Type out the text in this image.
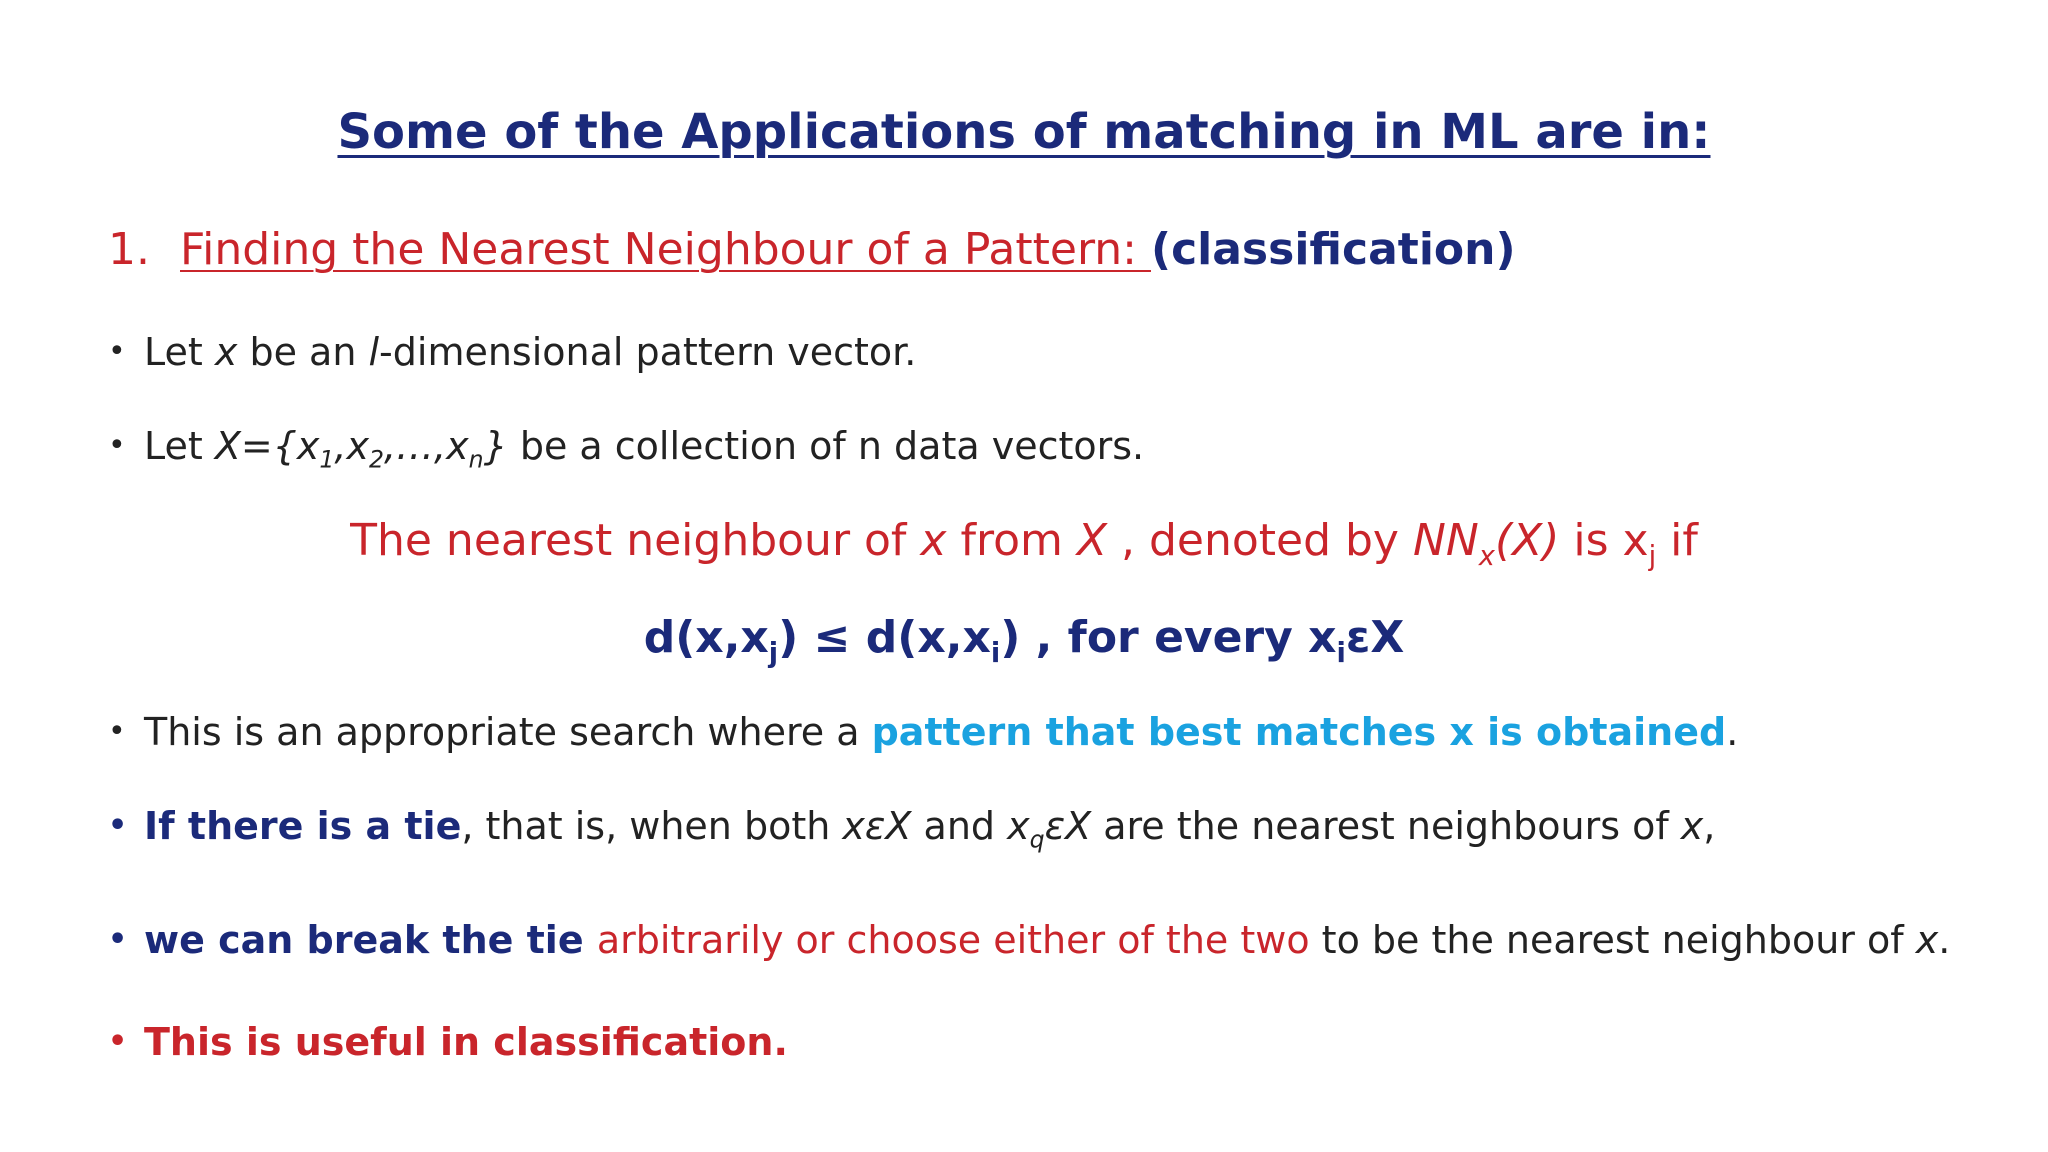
Some of the Applications of matching in ML are in:
1. Finding the Nearest Neighbour of a Pattern: (classification)
• Let x be an l-dimensional pattern vector.
• Let $X=\{x_1,x_2,\dots,x_n\}$ be a collection of n data vectors.
The nearest neighbour of x from X , denoted by $NN_x(X)$ is $x_j$ if
$d(x,x_j) \le d(x,x_i)$ , for every $x_i\varepsilon X$
• This is an appropriate search where a pattern that best matches x is obtained.
• If there is a tie, that is, when both xεX and $x_q\varepsilon X$ are the nearest neighbours of x,
• we can break the tie arbitrarily or choose either of the two to be the nearest neighbour of x.
• This is useful in classification.
